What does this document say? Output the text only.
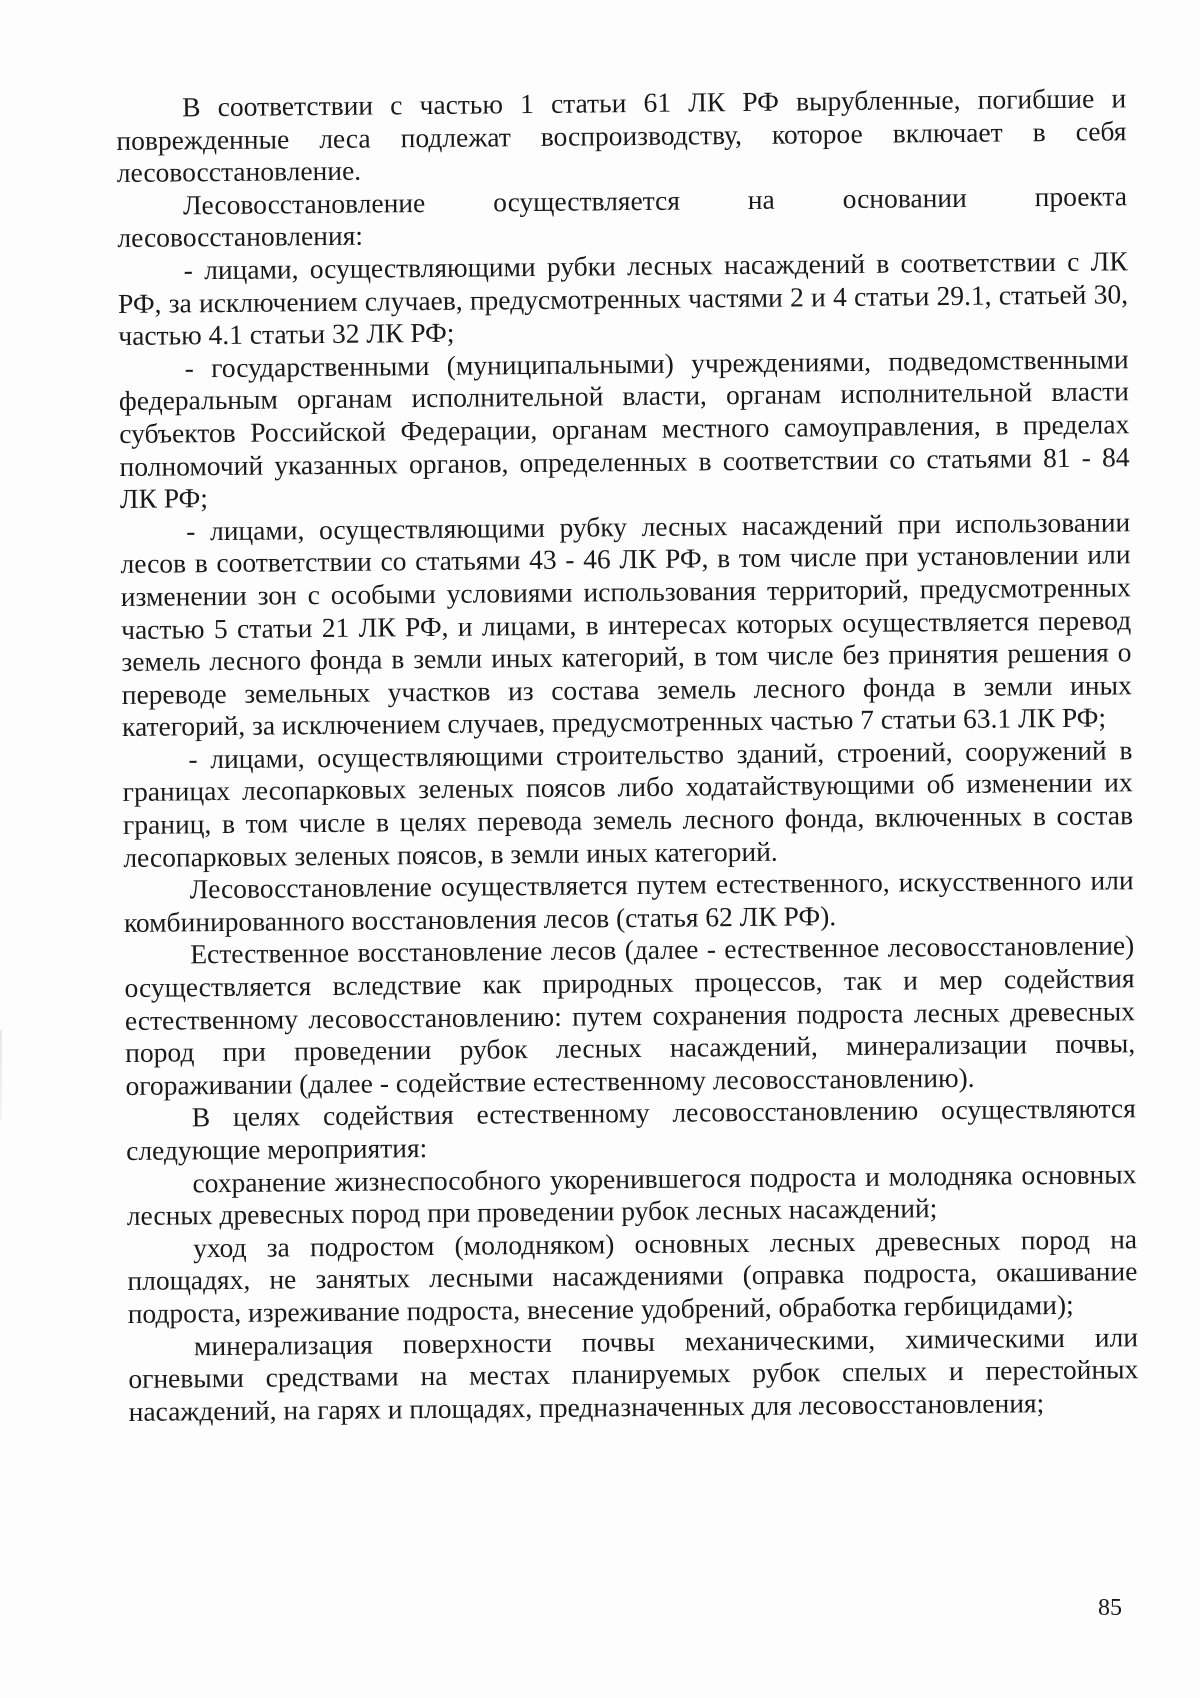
В соответствии с частью 1 статьи 61 ЛК РФ вырубленные, погибшие и поврежденные леса подлежат воспроизводству, которое включает в себя лесовосстановление.

Лесовосстановление осуществляется на основании проекта лесовосстановления:

- лицами, осуществляющими рубки лесных насаждений в соответствии с ЛК РФ, за исключением случаев, предусмотренных частями 2 и 4 статьи 29.1, статьей 30, частью 4.1 статьи 32 ЛК РФ;

- государственными (муниципальными) учреждениями, подведомственными федеральным органам исполнительной власти, органам исполнительной власти субъектов Российской Федерации, органам местного самоуправления, в пределах полномочий указанных органов, определенных в соответствии со статьями 81 - 84 ЛК РФ;

- лицами, осуществляющими рубку лесных насаждений при использовании лесов в соответствии со статьями 43 - 46 ЛК РФ, в том числе при установлении или изменении зон с особыми условиями использования территорий, предусмотренных частью 5 статьи 21 ЛК РФ, и лицами, в интересах которых осуществляется перевод земель лесного фонда в земли иных категорий, в том числе без принятия решения о переводе земельных участков из состава земель лесного фонда в земли иных категорий, за исключением случаев, предусмотренных частью 7 статьи 63.1 ЛК РФ;

- лицами, осуществляющими строительство зданий, строений, сооружений в границах лесопарковых зеленых поясов либо ходатайствующими об изменении их границ, в том числе в целях перевода земель лесного фонда, включенных в состав лесопарковых зеленых поясов, в земли иных категорий.

Лесовосстановление осуществляется путем естественного, искусственного или комбинированного восстановления лесов (статья 62 ЛК РФ).

Естественное восстановление лесов (далее - естественное лесовосстановление) осуществляется вследствие как природных процессов, так и мер содействия естественному лесовосстановлению: путем сохранения подроста лесных древесных пород при проведении рубок лесных насаждений, минерализации почвы, огораживании (далее - содействие естественному лесовосстановлению).

В целях содействия естественному лесовосстановлению осуществляются следующие мероприятия:

сохранение жизнеспособного укоренившегося подроста и молодняка основных лесных древесных пород при проведении рубок лесных насаждений;

уход за подростом (молодняком) основных лесных древесных пород на площадях, не занятых лесными насаждениями (оправка подроста, окашивание подроста, изреживание подроста, внесение удобрений, обработка гербицидами);

минерализация поверхности почвы механическими, химическими или огневыми средствами на местах планируемых рубок спелых и перестойных насаждений, на гарях и площадях, предназначенных для лесовосстановления;

85
